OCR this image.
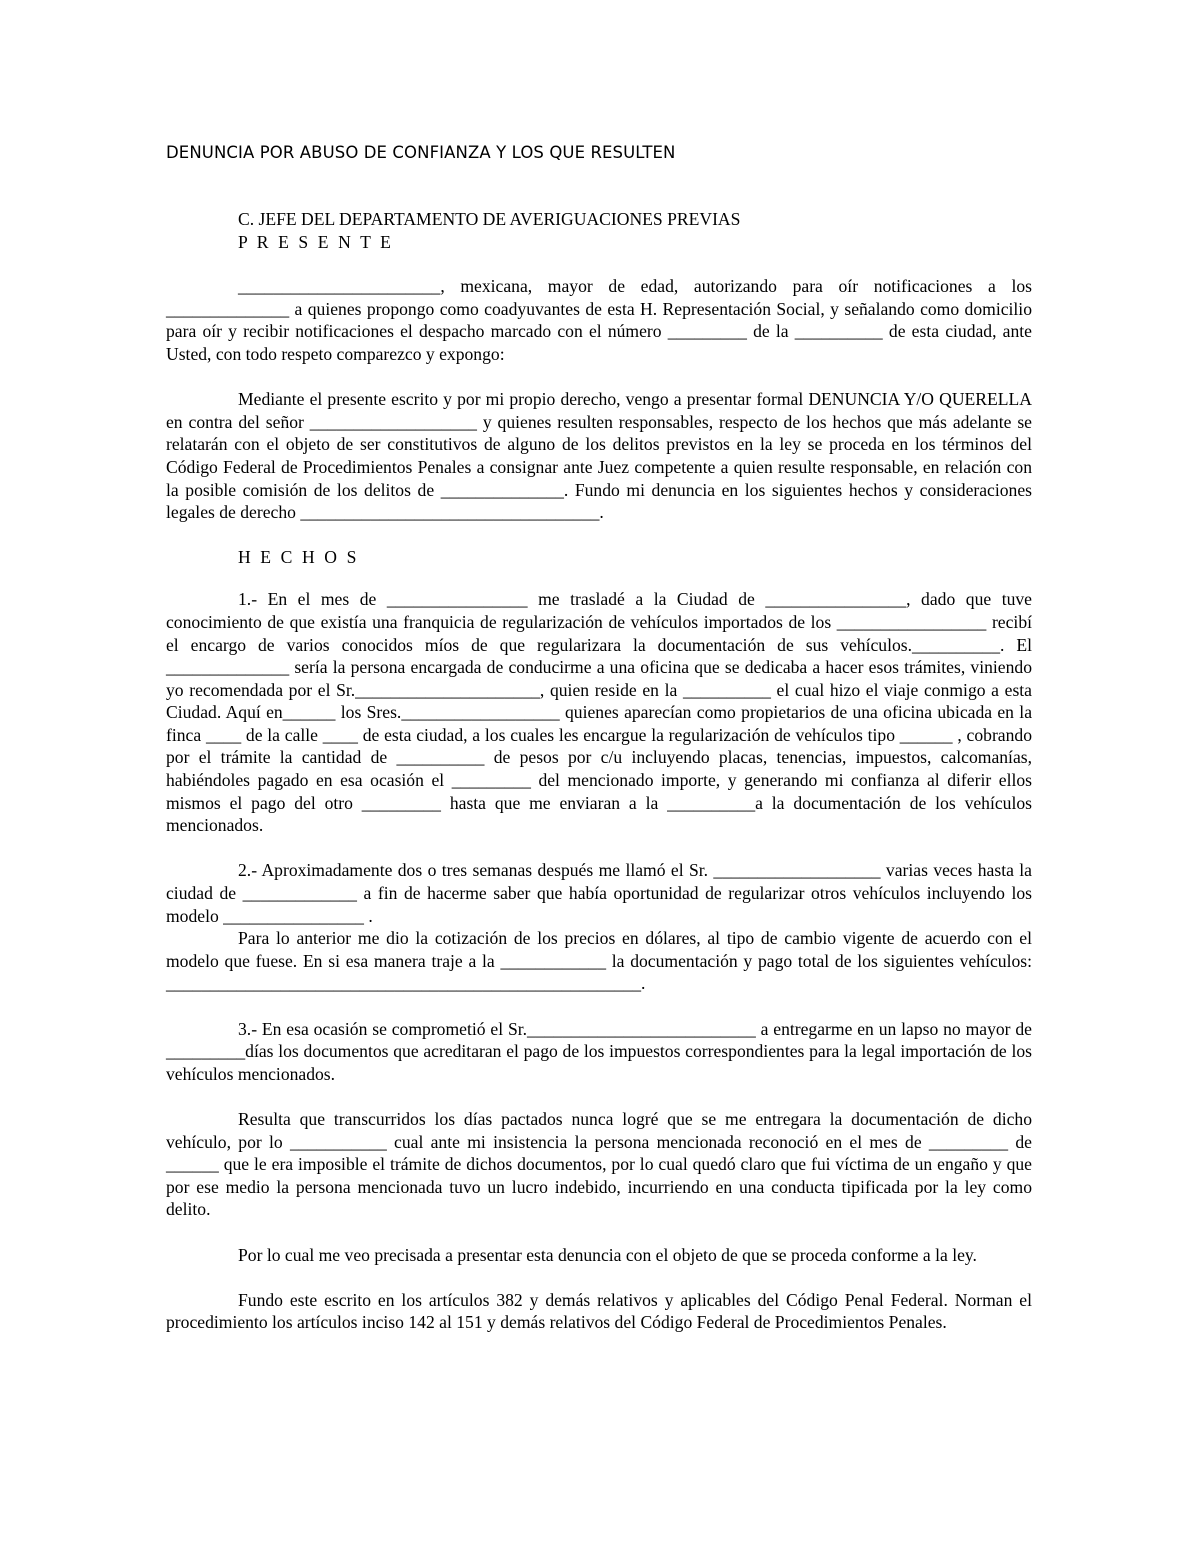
DENUNCIA POR ABUSO DE CONFIANZA Y LOS QUE RESULTEN

C. JEFE DEL DEPARTAMENTO DE AVERIGUACIONES PREVIAS

P R E S E N T E

_______________________, mexicana, mayor de edad, autorizando para oír notificaciones a los ______________ a quienes propongo como coadyuvantes de esta H. Representación Social, y señalando como domicilio para oír y recibir notificaciones el despacho marcado con el número _________ de la __________ de esta ciudad, ante Usted, con todo respeto comparezco y expongo:

Mediante el presente escrito y por mi propio derecho, vengo a presentar formal DENUNCIA Y/O QUERELLA en contra del señor ___________________ y quienes resulten responsables, respecto de los hechos que más adelante se relatarán con el objeto de ser constitutivos de alguno de los delitos previstos en la ley se proceda en los términos del Código Federal de Procedimientos Penales a consignar ante Juez competente a quien resulte responsable, en relación con la posible comisión de los delitos de ______________. Fundo mi denuncia en los siguientes hechos y consideraciones legales de derecho __________________________________.

H E C H O S

1.- En el mes de ________________ me trasladé a la Ciudad de ________________, dado que tuve conocimiento de que existía una franquicia de regularización de vehículos importados de los _________________ recibí el encargo de varios conocidos míos de que regularizara la documentación de sus vehículos.__________. El ______________ sería la persona encargada de conducirme a una oficina que se dedicaba a hacer esos trámites, viniendo yo recomendada por el Sr._____________________, quien reside en la __________ el cual hizo el viaje conmigo a esta Ciudad. Aquí en______ los Sres.__________________ quienes aparecían como propietarios de una oficina ubicada en la finca ____ de la calle ____ de esta ciudad, a los cuales les encargue la regularización de vehículos tipo ______ , cobrando por el trámite la cantidad de __________ de pesos por c/u incluyendo placas, tenencias, impuestos, calcomanías, habiéndoles pagado en esa ocasión el _________ del mencionado importe, y generando mi confianza al diferir ellos mismos el pago del otro _________ hasta que me enviaran a la __________a la documentación de los vehículos mencionados.

2.- Aproximadamente dos o tres semanas después me llamó el Sr. ___________________ varias veces hasta la ciudad de _____________ a fin de hacerme saber que había oportunidad de regularizar otros vehículos incluyendo los modelo ________________ .

Para lo anterior me dio la cotización de los precios en dólares, al tipo de cambio vigente de acuerdo con el modelo que fuese. En si esa manera traje a la ____________ la documentación y pago total de los siguientes vehículos: ______________________________________________________.

3.- En esa ocasión se comprometió el Sr.__________________________ a entregarme en un lapso no mayor de _________días los documentos que acreditaran el pago de los impuestos correspondientes para la legal importación de los vehículos mencionados.

Resulta que transcurridos los días pactados nunca logré que se me entregara la documentación de dicho vehículo, por lo ___________ cual ante mi insistencia la persona mencionada reconoció en el mes de _________ de ______ que le era imposible el trámite de dichos documentos, por lo cual quedó claro que fui víctima de un engaño y que por ese medio la persona mencionada tuvo un lucro indebido, incurriendo en una conducta tipificada por la ley como delito.

Por lo cual me veo precisada a presentar esta denuncia con el objeto de que se proceda conforme a la ley.

Fundo este escrito en los artículos 382 y demás relativos y aplicables del Código Penal Federal. Norman el procedimiento los artículos inciso 142 al 151 y demás relativos del Código Federal de Procedimientos Penales.
